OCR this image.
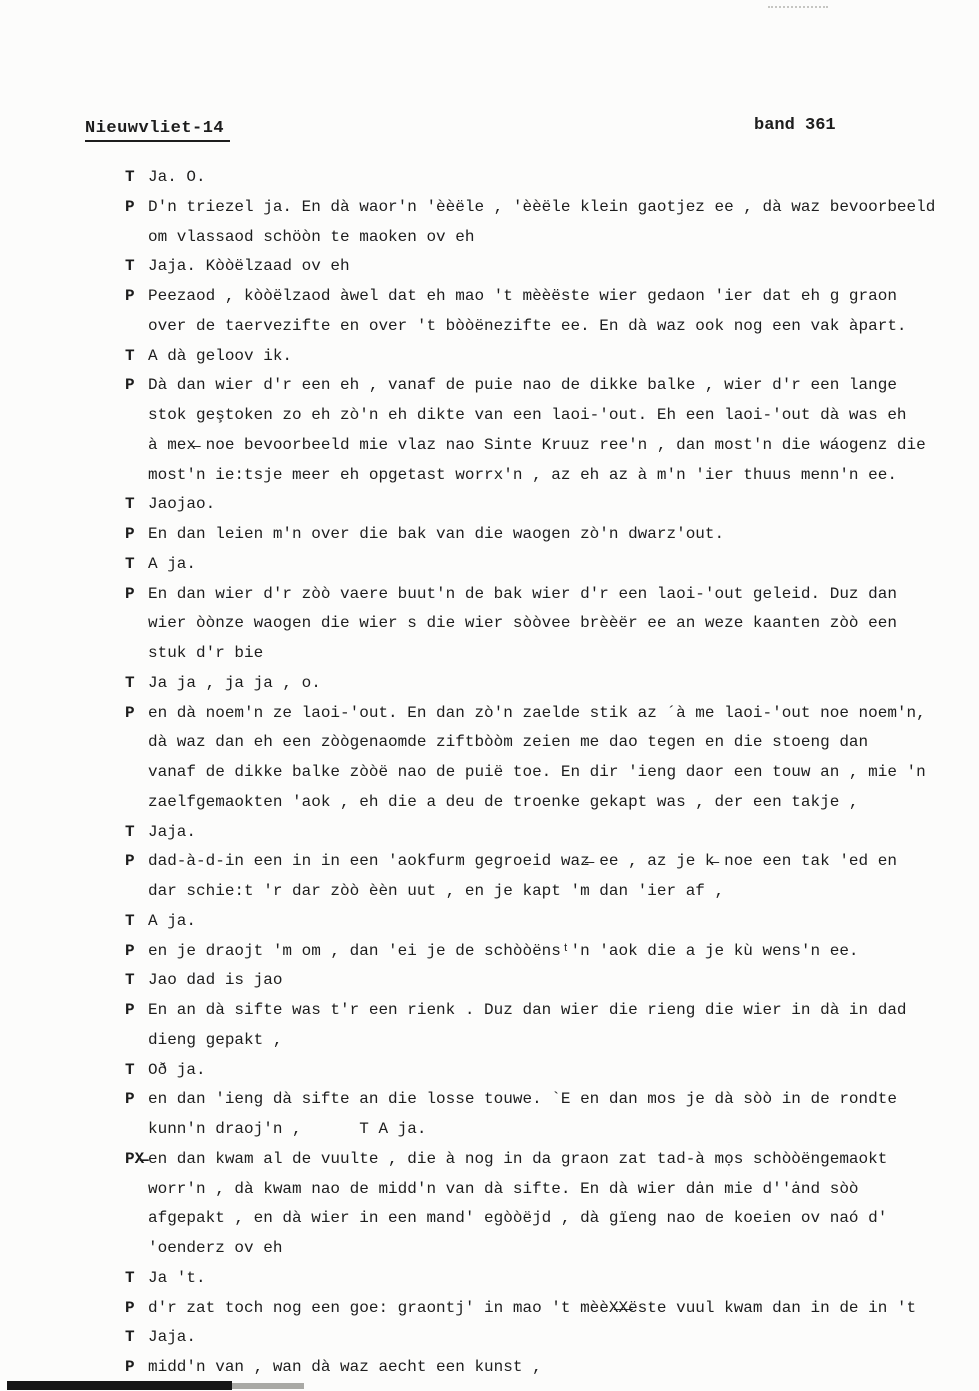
Nieuwvliet-14	band 361
T Ja. O.
P D'n triezel ja. En dà waor'n 'èèële , 'èèële klein gaotjez ee , dà waz bevoorbeeld
om vlassaod schöòn te maoken ov eh
T Jaja. Kòòëlzaad ov eh
P Peezaod , kòòëlzaod àwel dat eh mao 't mèèëste wier gedaon 'ier dat eh g graon
over de taervezifte en over 't bòòënezifte ee. En dà waz ook nog een vak àpart.
T A dà geloov ik.
P Dà dan wier d'r een eh , vanaf de puie nao de dikke balke , wier d'r een lange
stok geştoken zo eh zò'n eh dikte van een laoi-'out. Eh een laoi-'out dà was eh
à mex̶ noe bevoorbeeld mie vlaz nao Sinte Kruuz ree'n , dan most'n die wáogenz die
most'n ie:tsje meer eh opgetast worrx'n , az eh az à m'n 'ier thuus menn'n ee.
T Jaojao.
P En dan leien m'n over die bak van die waogen zò'n dwarz'out.
T A ja.
P En dan wier d'r zòò vaere buut'n de bak wier d'r een laoi-'out geleid. Duz dan
wier òònze waogen die wier s die wier sòòvee brèèër ee an weze kaanten zòò een
stuk d'r bie
T Ja ja , ja ja , o.
P en dà noem'n ze laoi-'out. En dan zò'n zaelde stik az ´à me laoi-'out noe noem'n,
dà waz dan eh een zòògenaomde ziftbòòm zeien me dao tegen en die stoeng dan
vanaf de dikke balke zòòë nao de puië toe. En dir 'ieng daor een touw an , mie 'n
zaelfgemaokten 'aok , eh die a deu de troenke gekapt was , der een takje ,
T Jaja.
P dad-à-d-in een in in een 'aokfurm gegroeid waz̶ ee , az je k̶ noe een tak 'ed en
dar schie:t 'r dar zòò èèn uut , en je kapt 'm dan 'ier af ,
T A ja.
P en je draojt 'm om , dan 'ei je de schòòënsᵗ'n 'aok die a je kù wens'n ee.
T Jao dad is jao
P En an dà sifte was t'r een rienk . Duz dan wier die rieng die wier in dà in dad
dieng gepakt ,
T Oð ja.
P en dan 'ieng dà sifte an die losse touwe. `E en dan mos je dà sòò in de rondte
kunn'n draoj'n ,      T A ja.
PX̶ en dan kwam al de vuulte , die à nog in da graon zat tad-à mọs schòòëngemaokt
worr'n , dà kwam nao de midd'n van dà sifte. En dà wier dȧn mie d''ȧnd sòò
afgepakt , en dà wier in een mand' egòòëjd , dà gïeng nao de koeien ov naó d'
'oenderz ov eh
T Ja 't.
P d'r zat toch nog een goe: graontj' in mao 't mèèX̶X̶ëste vuul kwam dan in de in 't
T Jaja.
P midd'n van , wan dà waz aecht een kunst ,
